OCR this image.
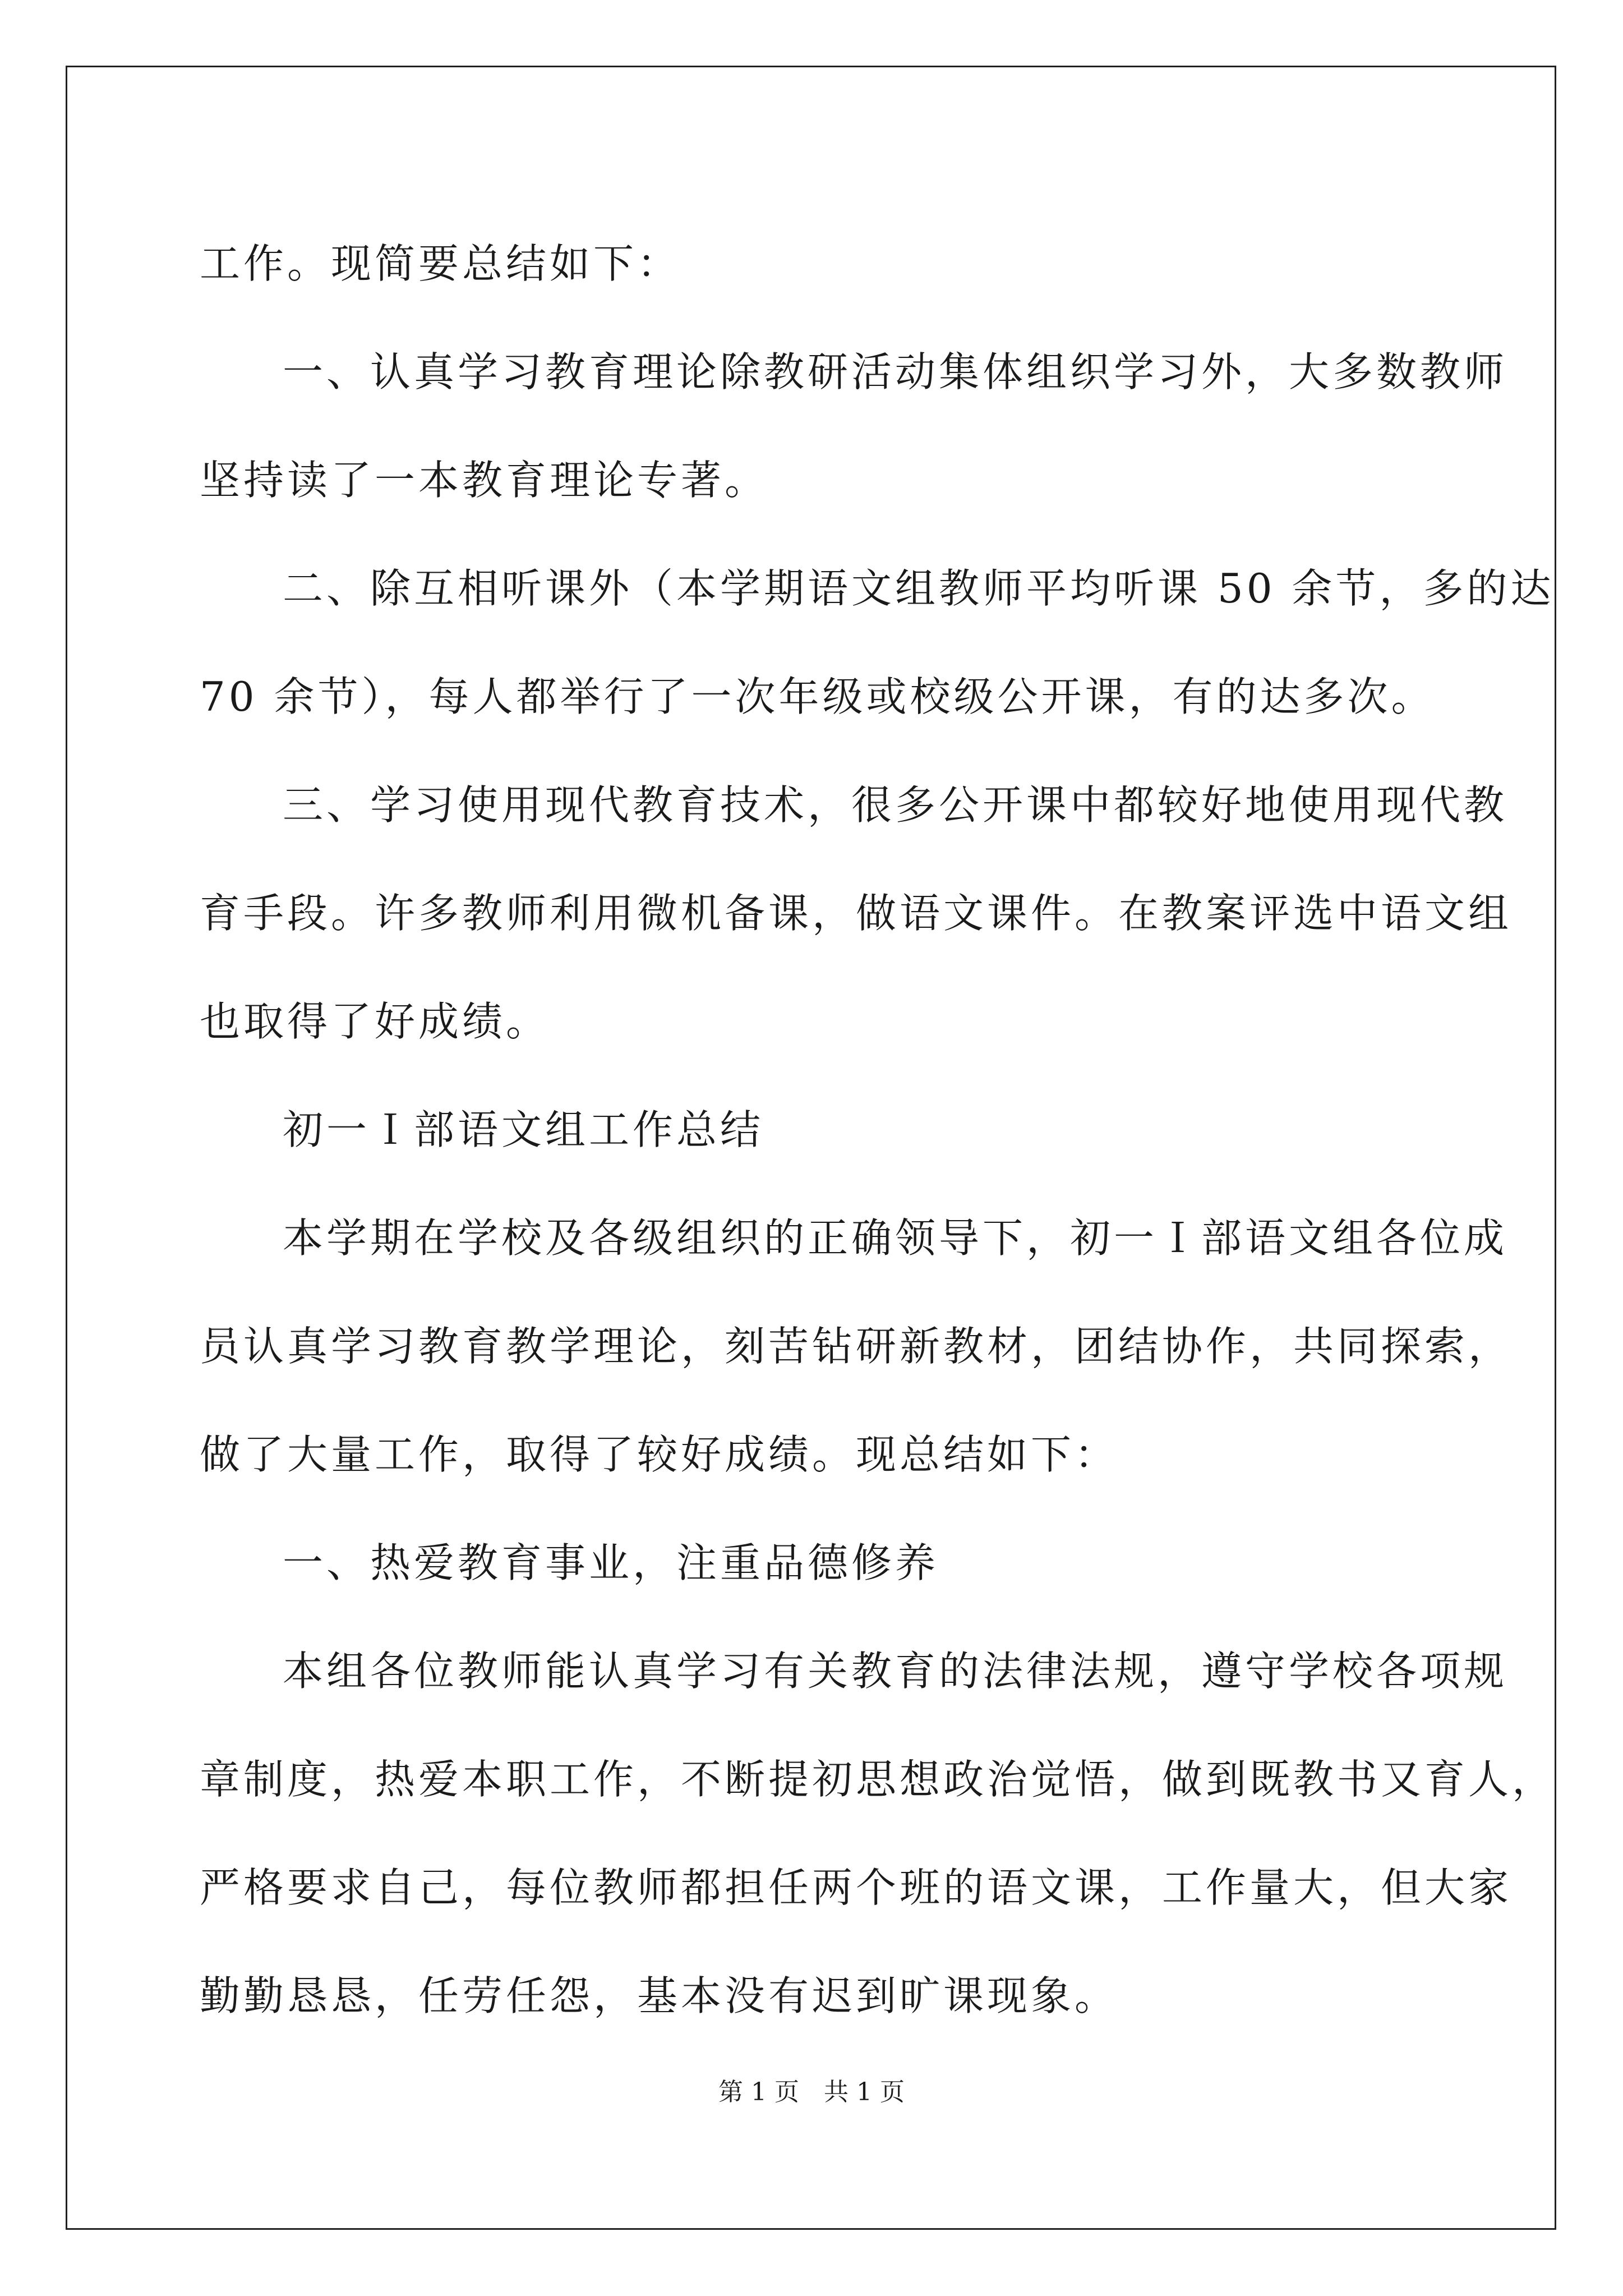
工作。现简要总结如下：

一、认真学习教育理论除教研活动集体组织学习外，大多数教师

坚持读了一本教育理论专著。

二、除互相听课外（本学期语文组教师平均听课 50 余节，多的达

70 余节），每人都举行了一次年级或校级公开课，有的达多次。

三、学习使用现代教育技术，很多公开课中都较好地使用现代教

育手段。许多教师利用微机备课，做语文课件。在教案评选中语文组

也取得了好成绩。

初一Ｉ部语文组工作总结

本学期在学校及各级组织的正确领导下，初一Ｉ部语文组各位成

员认真学习教育教学理论，刻苦钻研新教材，团结协作，共同探索，

做了大量工作，取得了较好成绩。现总结如下：

一、热爱教育事业，注重品德修养

本组各位教师能认真学习有关教育的法律法规，遵守学校各项规

章制度，热爱本职工作，不断提初思想政治觉悟，做到既教书又育人，

严格要求自己，每位教师都担任两个班的语文课，工作量大，但大家

勤勤恳恳，任劳任怨，基本没有迟到旷课现象。

第 1 页　共 1 页
